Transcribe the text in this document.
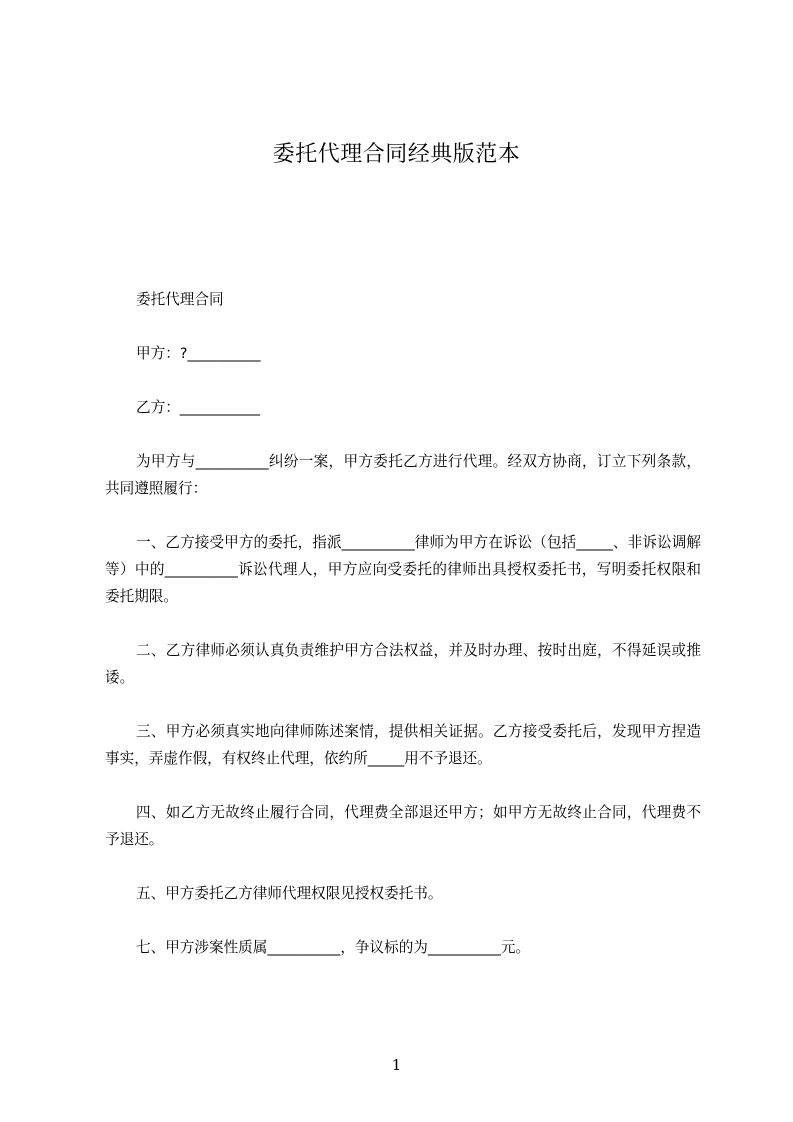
委托代理合同经典版范本

委托代理合同

甲方：?__________

乙方：___________

为甲方与__________纠纷一案，甲方委托乙方进行代理。经双方协商，订立下列条款，共同遵照履行：

一、乙方接受甲方的委托，指派__________律师为甲方在诉讼（包括_____、非诉讼调解等）中的__________诉讼代理人，甲方应向受委托的律师出具授权委托书，写明委托权限和委托期限。

二、乙方律师必须认真负责维护甲方合法权益，并及时办理、按时出庭，不得延误或推诿。

三、甲方必须真实地向律师陈述案情，提供相关证据。乙方接受委托后，发现甲方捏造事实，弄虚作假，有权终止代理，依约所_____用不予退还。

四、如乙方无故终止履行合同，代理费全部退还甲方；如甲方无故终止合同，代理费不予退还。

五、甲方委托乙方律师代理权限见授权委托书。

七、甲方涉案性质属__________，争议标的为__________元。

1
